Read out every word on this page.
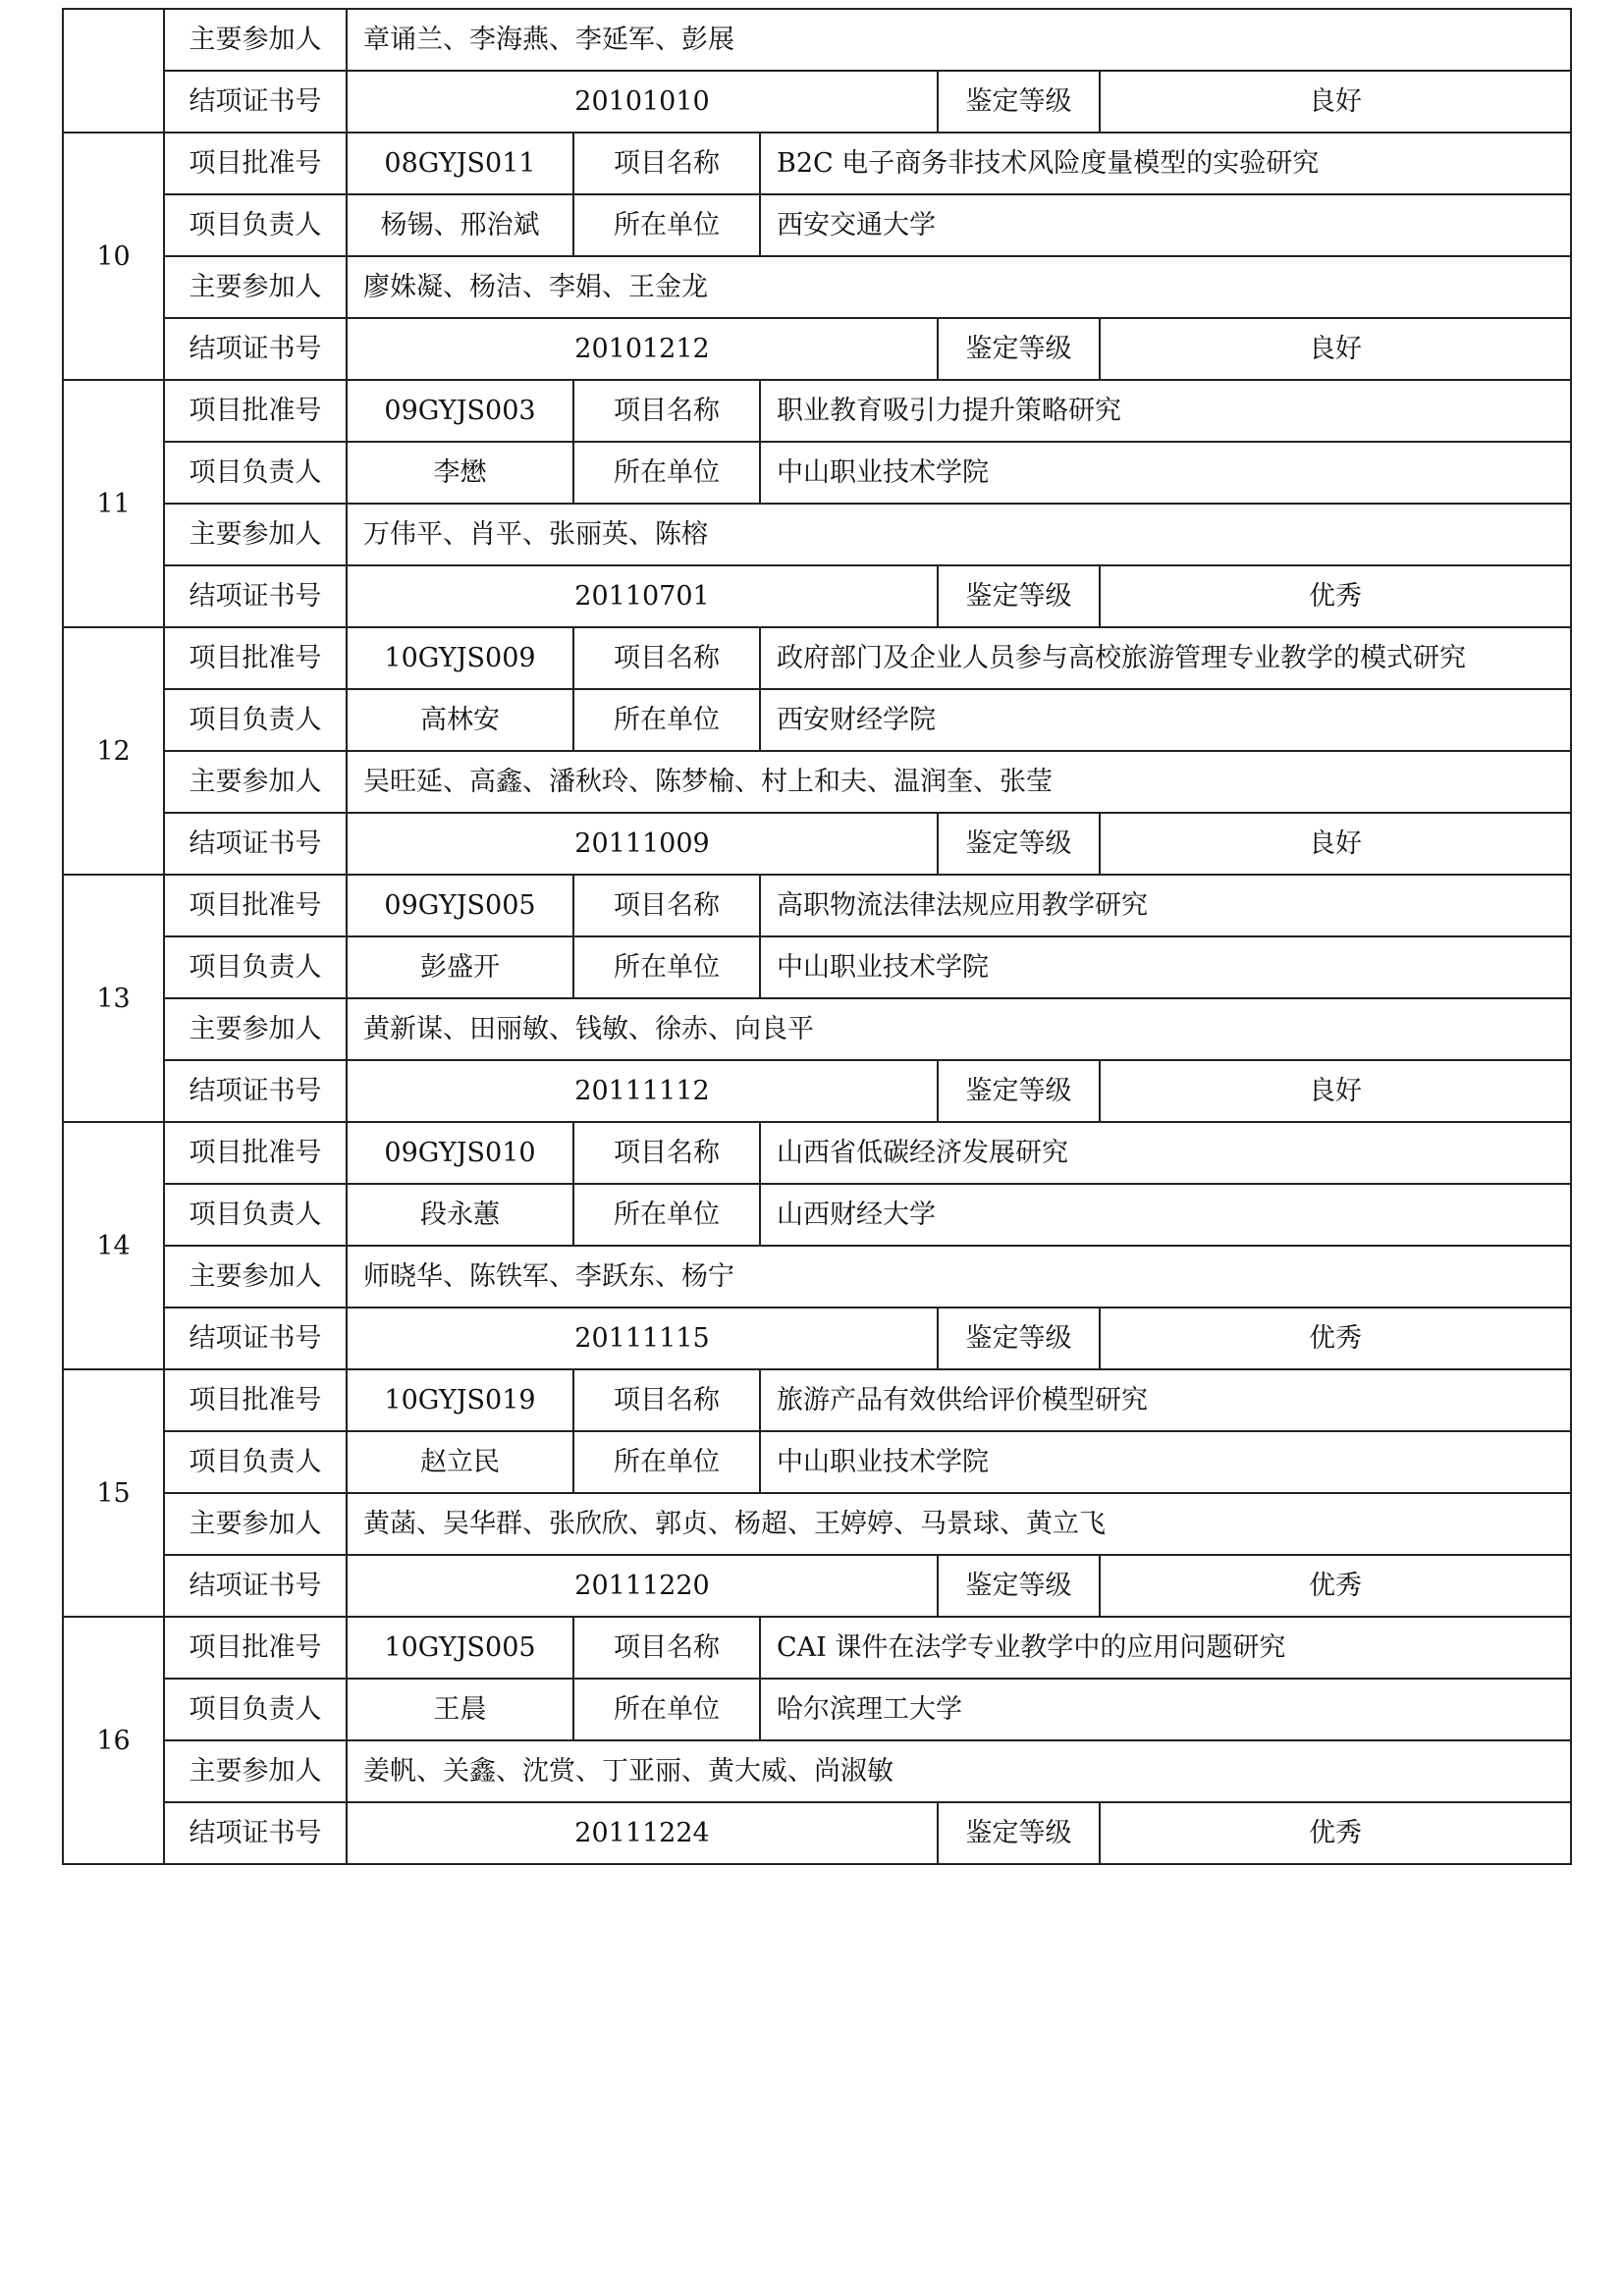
	主要参加人	章诵兰、李海燕、李延军、彭展				
	结项证书号	20101010			鉴定等级	良好
10	项目批准号	08GYJS011	项目名称	B2C 电子商务非技术风险度量模型的实验研究		
	项目负责人	杨锡、邢治斌	所在单位	西安交通大学		
	主要参加人	廖姝凝、杨洁、李娟、王金龙				
	结项证书号	20101212			鉴定等级	良好
11	项目批准号	09GYJS003	项目名称	职业教育吸引力提升策略研究		
	项目负责人	李懋	所在单位	中山职业技术学院		
	主要参加人	万伟平、肖平、张丽英、陈榕				
	结项证书号	20110701			鉴定等级	优秀
12	项目批准号	10GYJS009	项目名称	政府部门及企业人员参与高校旅游管理专业教学的模式研究		
	项目负责人	高林安	所在单位	西安财经学院		
	主要参加人	吴旺延、高鑫、潘秋玲、陈梦榆、村上和夫、温润奎、张莹				
	结项证书号	20111009			鉴定等级	良好
13	项目批准号	09GYJS005	项目名称	高职物流法律法规应用教学研究		
	项目负责人	彭盛开	所在单位	中山职业技术学院		
	主要参加人	黄新谋、田丽敏、钱敏、徐赤、向良平				
	结项证书号	20111112			鉴定等级	良好
14	项目批准号	09GYJS010	项目名称	山西省低碳经济发展研究		
	项目负责人	段永蕙	所在单位	山西财经大学		
	主要参加人	师晓华、陈铁军、李跃东、杨宁				
	结项证书号	20111115			鉴定等级	优秀
15	项目批准号	10GYJS019	项目名称	旅游产品有效供给评价模型研究		
	项目负责人	赵立民	所在单位	中山职业技术学院		
	主要参加人	黄菡、吴华群、张欣欣、郭贞、杨超、王婷婷、马景球、黄立飞				
	结项证书号	20111220			鉴定等级	优秀
16	项目批准号	10GYJS005	项目名称	CAI 课件在法学专业教学中的应用问题研究		
	项目负责人	王晨	所在单位	哈尔滨理工大学		
	主要参加人	姜帆、关鑫、沈赏、丁亚丽、黄大威、尚淑敏				
	结项证书号	20111224			鉴定等级	优秀
